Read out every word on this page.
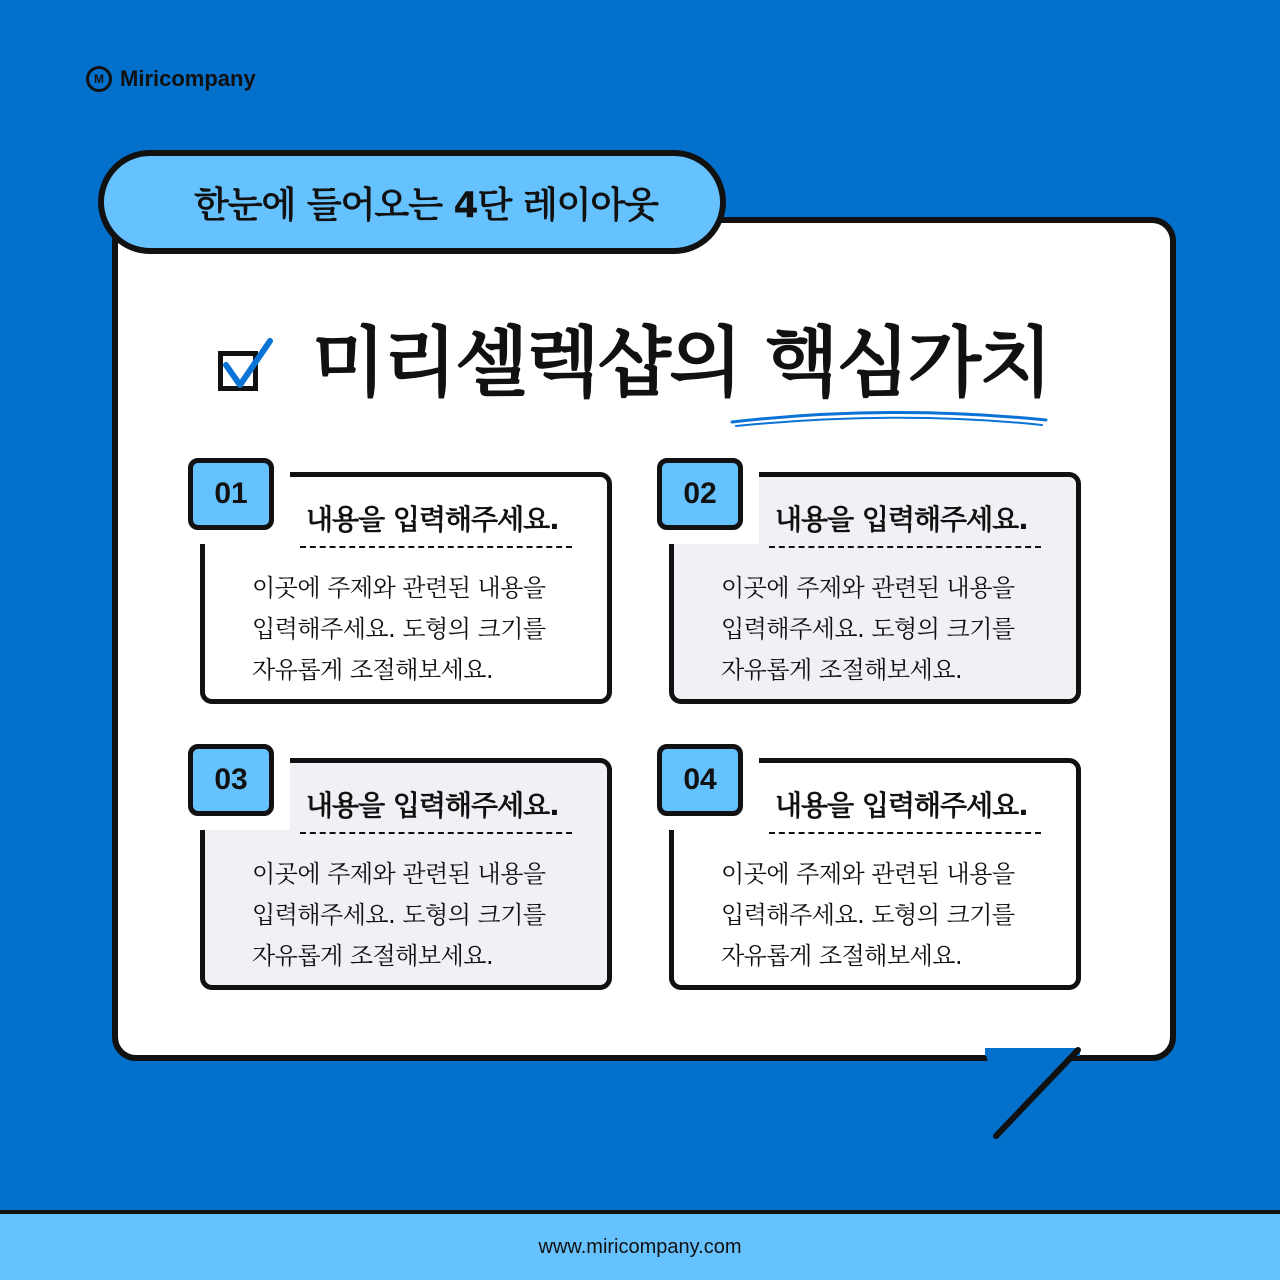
M Miricompany
한눈에 들어오는 4단 레이아웃
미리셀렉샵의 핵심가치
01
내용을 입력해주세요.
이곳에 주제와 관련된 내용을
입력해주세요. 도형의 크기를
자유롭게 조절해보세요.
02
내용을 입력해주세요.
이곳에 주제와 관련된 내용을
입력해주세요. 도형의 크기를
자유롭게 조절해보세요.
03
내용을 입력해주세요.
이곳에 주제와 관련된 내용을
입력해주세요. 도형의 크기를
자유롭게 조절해보세요.
04
내용을 입력해주세요.
이곳에 주제와 관련된 내용을
입력해주세요. 도형의 크기를
자유롭게 조절해보세요.
www.miricompany.com
